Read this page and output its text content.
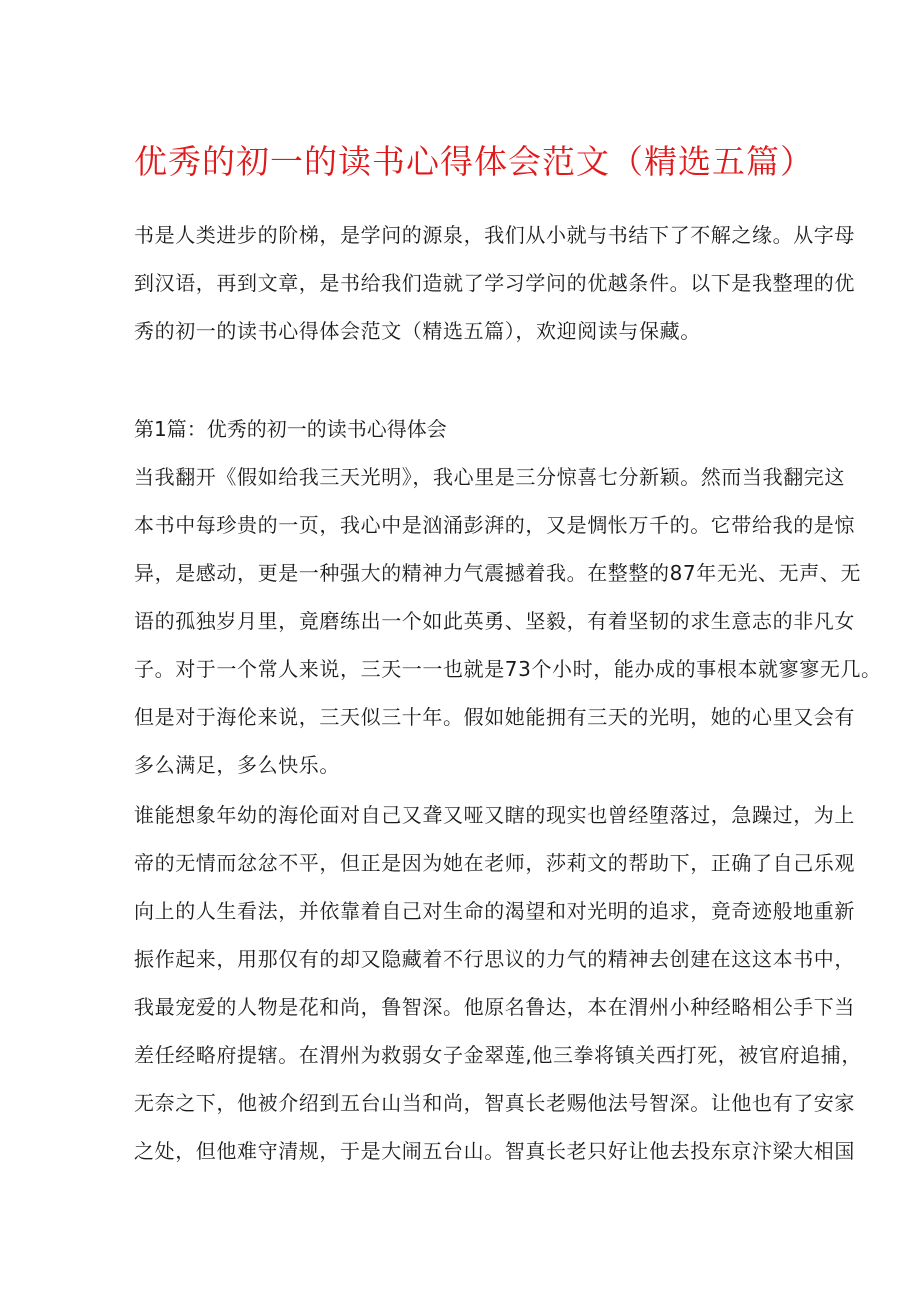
优秀的初一的读书心得体会范文（精选五篇）
书是人类进步的阶梯，是学问的源泉，我们从小就与书结下了不解之缘。从字母
到汉语，再到文章，是书给我们造就了学习学问的优越条件。以下是我整理的优
秀的初一的读书心得体会范文（精选五篇），欢迎阅读与保藏。
第1篇：优秀的初一的读书心得体会
当我翻开《假如给我三天光明》，我心里是三分惊喜七分新颖。然而当我翻完这
本书中每珍贵的一页，我心中是汹涌彭湃的，又是惆怅万千的。它带给我的是惊
异，是感动，更是一种强大的精神力气震撼着我。在整整的87年无光、无声、无
语的孤独岁月里，竟磨练出一个如此英勇、坚毅，有着坚韧的求生意志的非凡女
子。对于一个常人来说，三天一一也就是73个小时，能办成的事根本就寥寥无几。
但是对于海伦来说，三天似三十年。假如她能拥有三天的光明，她的心里又会有
多么满足，多么快乐。
谁能想象年幼的海伦面对自己又聋又哑又瞎的现实也曾经堕落过，急躁过，为上
帝的无情而忿忿不平，但正是因为她在老师，莎莉文的帮助下，正确了自己乐观
向上的人生看法，并依靠着自己对生命的渴望和对光明的追求，竟奇迹般地重新
振作起来，用那仅有的却又隐藏着不行思议的力气的精神去创建在这这本书中，
我最宠爱的人物是花和尚，鲁智深。他原名鲁达，本在渭州小种经略相公手下当
差任经略府提辖。在渭州为救弱女子金翠莲,他三拳将镇关西打死，被官府追捕，
无奈之下，他被介绍到五台山当和尚，智真长老赐他法号智深。让他也有了安家
之处，但他难守清规，于是大闹五台山。智真长老只好让他去投东京汴梁大相国
